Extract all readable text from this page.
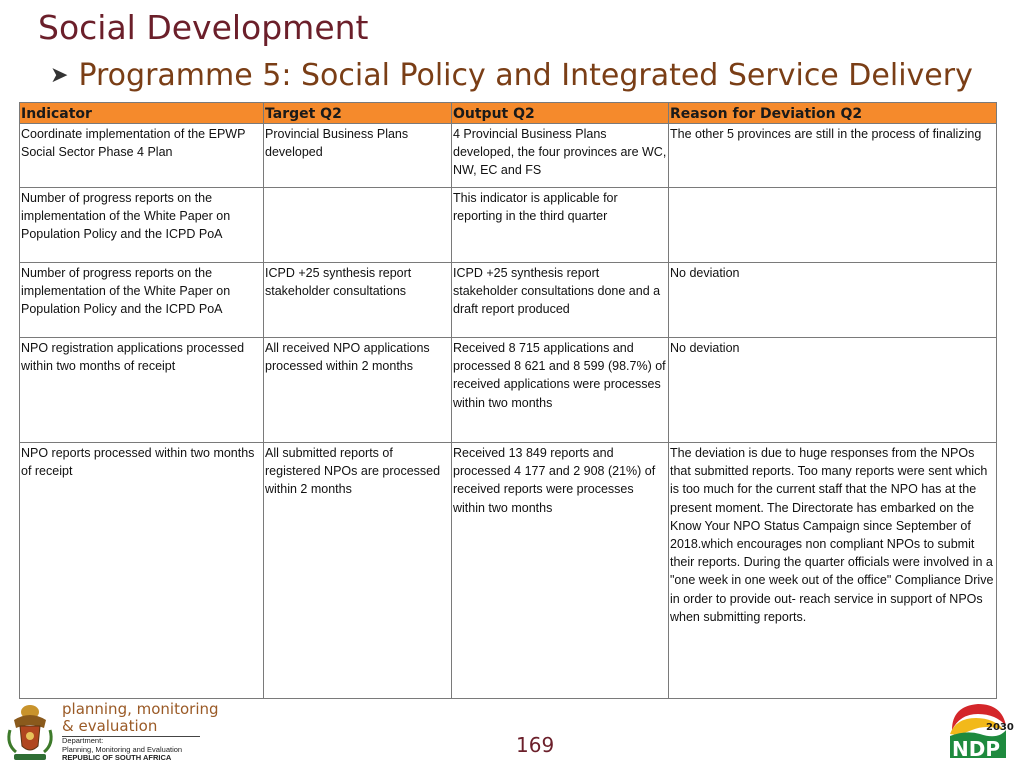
Social Development
➤ Programme 5: Social Policy and Integrated Service Delivery
Indicator	Target Q2	Output Q2	Reason for Deviation Q2
Coordinate implementation of the EPWP Social Sector Phase 4 Plan	Provincial Business Plans developed	4 Provincial Business Plans developed, the four provinces are WC, NW, EC and FS	The other 5 provinces are still in the process of finalizing
Number of progress reports on the implementation of the White Paper on Population Policy and the ICPD PoA		This indicator is applicable for reporting in the third quarter	
Number of progress reports on the implementation of the White Paper on Population Policy and the ICPD PoA	ICPD +25 synthesis report stakeholder consultations	ICPD +25 synthesis report stakeholder consultations done and a draft report produced	No deviation
NPO registration applications processed within two months of receipt	All received NPO applications processed within 2 months	Received 8 715 applications and processed 8 621 and 8 599 (98.7%) of received applications were processes within two months	No deviation
NPO reports processed within two months of receipt	All submitted reports of registered NPOs are processed within 2 months	Received 13 849 reports and processed 4 177 and 2 908 (21%) of received reports were processes within two months	The deviation is due to huge responses from the NPOs that submitted reports. Too many reports were sent which is too much for the current staff that the NPO has at the present moment. The Directorate has embarked on the Know Your NPO Status Campaign since September of 2018.which encourages non compliant NPOs to submit their reports. During the quarter officials were involved in a "one week in one week out of the office" Compliance Drive in order to provide out- reach service in support of NPOs when submitting reports.
planning, monitoring
& evaluation
Department:
Planning, Monitoring and Evaluation
REPUBLIC OF SOUTH AFRICA
169
2030
NDP
